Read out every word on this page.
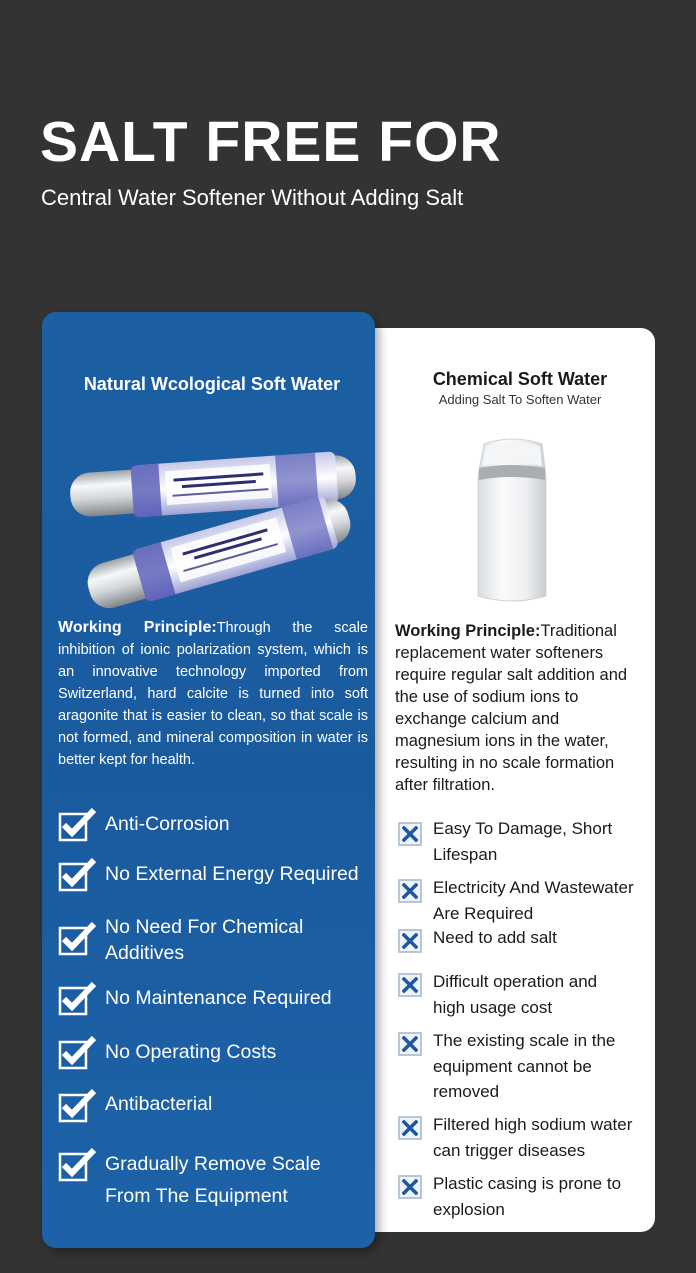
SALT FREE FOR
Central Water Softener Without Adding Salt
Chemical Soft Water
Adding Salt To Soften Water
Working Principle:Traditional replacement water softeners require regular salt addition and the use of sodium ions to exchange calcium and magnesium ions in the water, resulting in no scale formation after filtration.
Easy To Damage, Short Lifespan
Electricity And Wastewater Are Required
Need to add salt
Difficult operation and high usage cost
The existing scale in the equipment cannot be removed
Filtered high sodium water can trigger diseases
Plastic casing is prone to explosion
Natural Wcological Soft Water
Working Principle:Through the scale inhibition of ionic polarization system, which is an innovative technology imported from Switzerland, hard calcite is turned into soft aragonite that is easier to clean, so that scale is not formed, and mineral composition in water is better kept for health.
Anti-Corrosion
No External Energy Required
No Need For Chemical Additives
No Maintenance Required
No Operating Costs
Antibacterial
Gradually Remove Scale From The Equipment
